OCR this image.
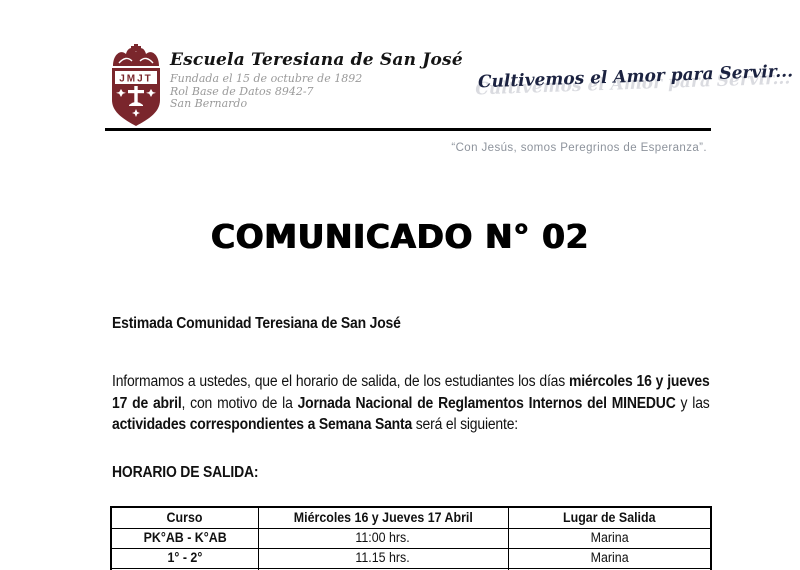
JMJT
Escuela Teresiana de San José
Fundada el 15 de octubre de 1892
Rol Base de Datos 8942-7
San Bernardo
Cultivemos el Amor para Servir...
“Con Jesús, somos Peregrinos de Esperanza”.
COMUNICADO N° 02
Estimada Comunidad Teresiana de San José
Informamos a ustedes, que el horario de salida, de los estudiantes los días miércoles 16 y jueves 17 de abril, con motivo de la Jornada Nacional de Reglamentos Internos del MINEDUC y las actividades correspondientes a Semana Santa será el siguiente:
HORARIO DE SALIDA:
Curso	Miércoles 16 y Jueves 17 Abril	Lugar de Salida
PK°AB - K°AB	11:00 hrs.	Marina
1° - 2°	11.15 hrs.	Marina
